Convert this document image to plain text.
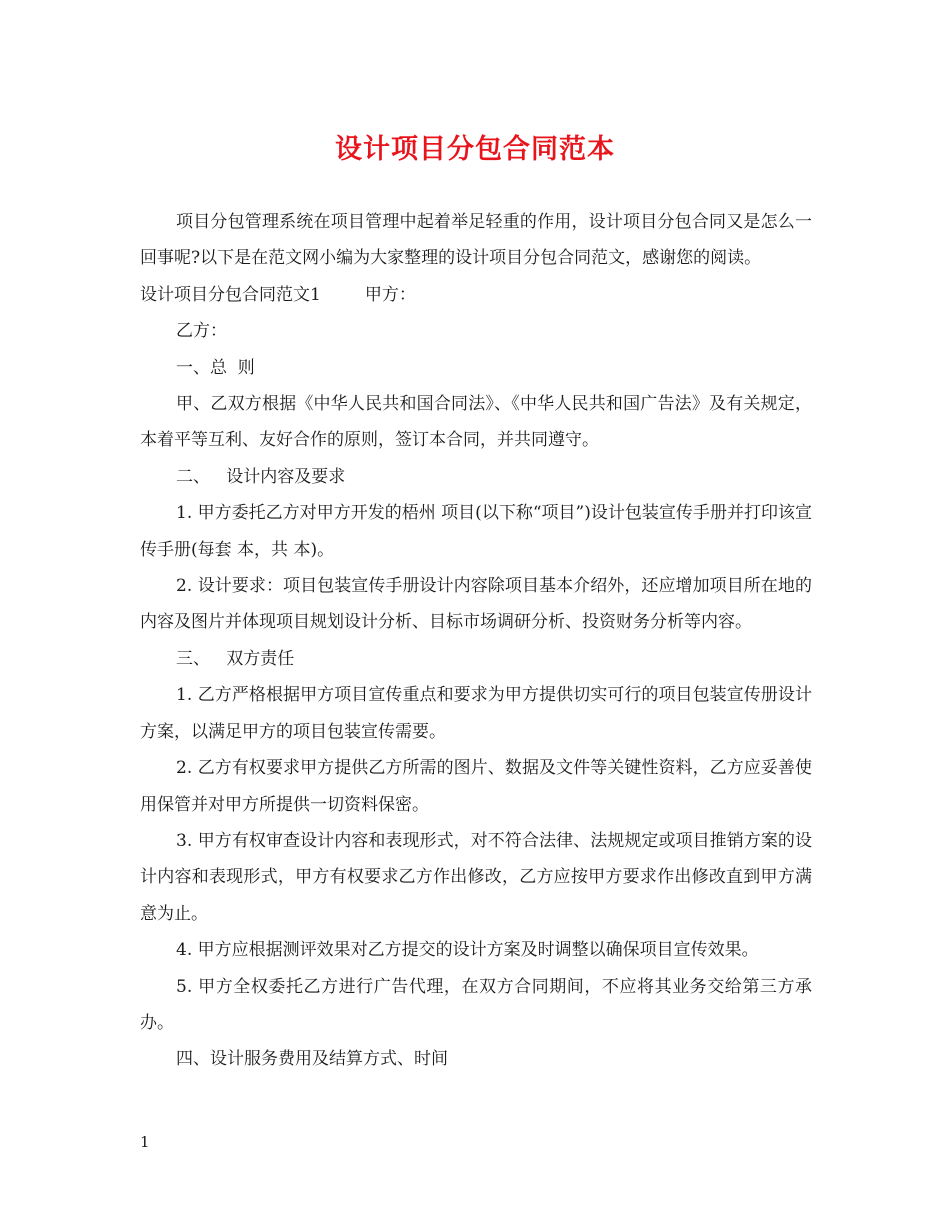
设计项目分包合同范本

项目分包管理系统在项目管理中起着举足轻重的作用，设计项目分包合同又是怎么一回事呢?以下是在范文网小编为大家整理的设计项目分包合同范文，感谢您的阅读。

设计项目分包合同范文1	甲方：

乙方：

一、总  则

甲、乙双方根据《中华人民共和国合同法》、《中华人民共和国广告法》及有关规定，本着平等互利、友好合作的原则，签订本合同，并共同遵守。

二、   设计内容及要求

1. 甲方委托乙方对甲方开发的梧州 项目(以下称“项目”)设计包装宣传手册并打印该宣传手册(每套 本，共 本)。

2. 设计要求：项目包装宣传手册设计内容除项目基本介绍外，还应增加项目所在地的内容及图片并体现项目规划设计分析、目标市场调研分析、投资财务分析等内容。

三、   双方责任

1. 乙方严格根据甲方项目宣传重点和要求为甲方提供切实可行的项目包装宣传册设计方案，以满足甲方的项目包装宣传需要。

2. 乙方有权要求甲方提供乙方所需的图片、数据及文件等关键性资料，乙方应妥善使用保管并对甲方所提供一切资料保密。

3. 甲方有权审查设计内容和表现形式，对不符合法律、法规规定或项目推销方案的设计内容和表现形式，甲方有权要求乙方作出修改，乙方应按甲方要求作出修改直到甲方满意为止。

4. 甲方应根据测评效果对乙方提交的设计方案及时调整以确保项目宣传效果。

5. 甲方全权委托乙方进行广告代理，在双方合同期间，不应将其业务交给第三方承办。

四、设计服务费用及结算方式、时间

1
